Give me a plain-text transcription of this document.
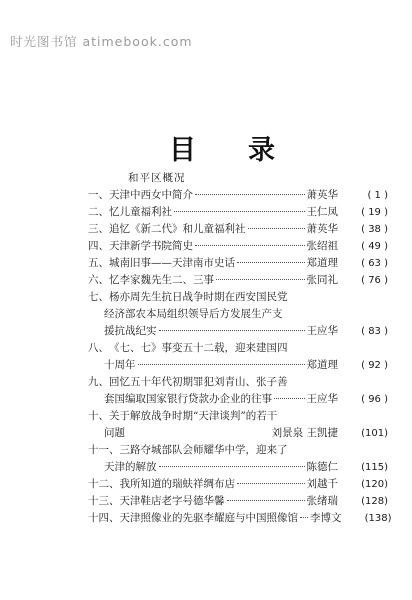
时光图书馆 atimebook.com
目录
和平区概况
一、 天津中西女中简介	萧英华	( 1 )
二、 忆儿童福利社	王仁凤	( 19 )
三、 追忆《新二代》和儿童福利社	萧英华	( 38 )
四、 天津新学书院简史	张绍祖	( 49 )
五、 城南旧事——天津南市史话	郑道理	( 63 )
六、 忆李家魏先生二、三事	张同礼	( 76 )
七、 杨亦周先生抗日战争时期在西安国民党
经济部农本局组织领导后方发展生产支
援抗战纪实	王应华	( 83 )
八、 《七、七》事变五十二载，迎来建国四
十周年	郑道理	( 92 )
九、 回忆五十年代初期罪犯刘青山、张子善
套国编取国家银行贷款办企业的往事	王应华	( 96 )
十、 关于解放战争时期“天津谈判”的若干
问题	刘景泉 王凯捷	(101)
十一、 三路夺城部队会师耀华中学，迎来了
天津的解放	陈德仁	(115)
十二、 我所知道的瑞蚨祥绸布店	刘越千	(120)
十三、 天津鞋店老字号德华馨	张绪瑞	(128)
十四、 天津照像业的先驱李耀庭与中国照像馆 李博文	(138)
